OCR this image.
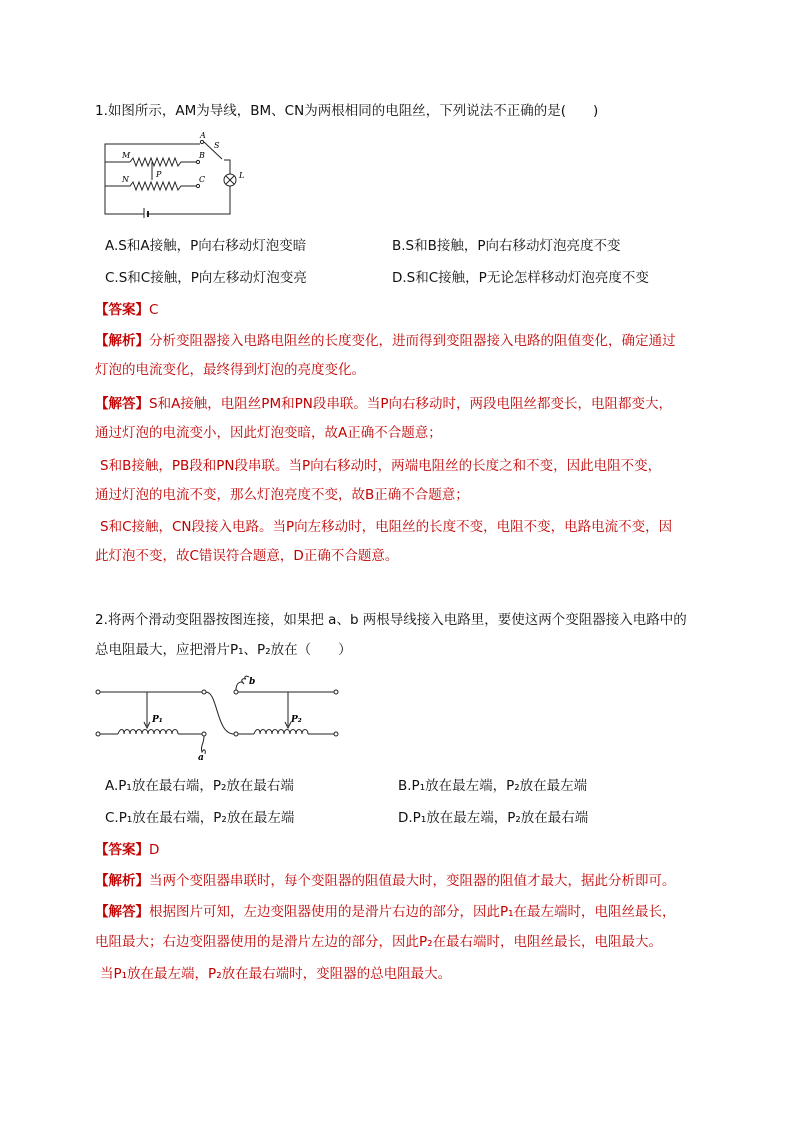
1.如图所示，AM为导线，BM、CN为两根相同的电阻丝，下列说法不正确的是(　　)
A
S
M	B
N
P
C	L
A.S和A接触，P向右移动灯泡变暗	B.S和B接触，P向右移动灯泡亮度不变
C.S和C接触，P向左移动灯泡变亮	D.S和C接触，P无论怎样移动灯泡亮度不变
【答案】C
【解析】分析变阻器接入电路电阻丝的长度变化，进而得到变阻器接入电路的阻值变化，确定通过
灯泡的电流变化，最终得到灯泡的亮度变化。
【解答】S和A接触，电阻丝PM和PN段串联。当P向右移动时，两段电阻丝都变长，电阻都变大，
通过灯泡的电流变小，因此灯泡变暗，故A正确不合题意；
S和B接触，PB段和PN段串联。当P向右移动时，两端电阻丝的长度之和不变，因此电阻不变，
通过灯泡的电流不变，那么灯泡亮度不变，故B正确不合题意；
S和C接触，CN段接入电路。当P向左移动时，电阻丝的长度不变，电阻不变，电路电流不变，因
此灯泡不变，故C错误符合题意，D正确不合题意。
2.将两个滑动变阻器按图连接，如果把 a、b 两根导线接入电路里，要使这两个变阻器接入电路中的
总电阻最大，应把滑片P₁、P₂放在（　　）
P₁	P₂
a
b
A.P₁放在最右端，P₂放在最右端	B.P₁放在最左端，P₂放在最左端
C.P₁放在最右端，P₂放在最左端	D.P₁放在最左端，P₂放在最右端
【答案】D
【解析】当两个变阻器串联时，每个变阻器的阻值最大时，变阻器的阻值才最大，据此分析即可。
【解答】根据图片可知，左边变阻器使用的是滑片右边的部分，因此P₁在最左端时，电阻丝最长，
电阻最大；右边变阻器使用的是滑片左边的部分，因此P₂在最右端时，电阻丝最长，电阻最大。
当P₁放在最左端，P₂放在最右端时，变阻器的总电阻最大。
